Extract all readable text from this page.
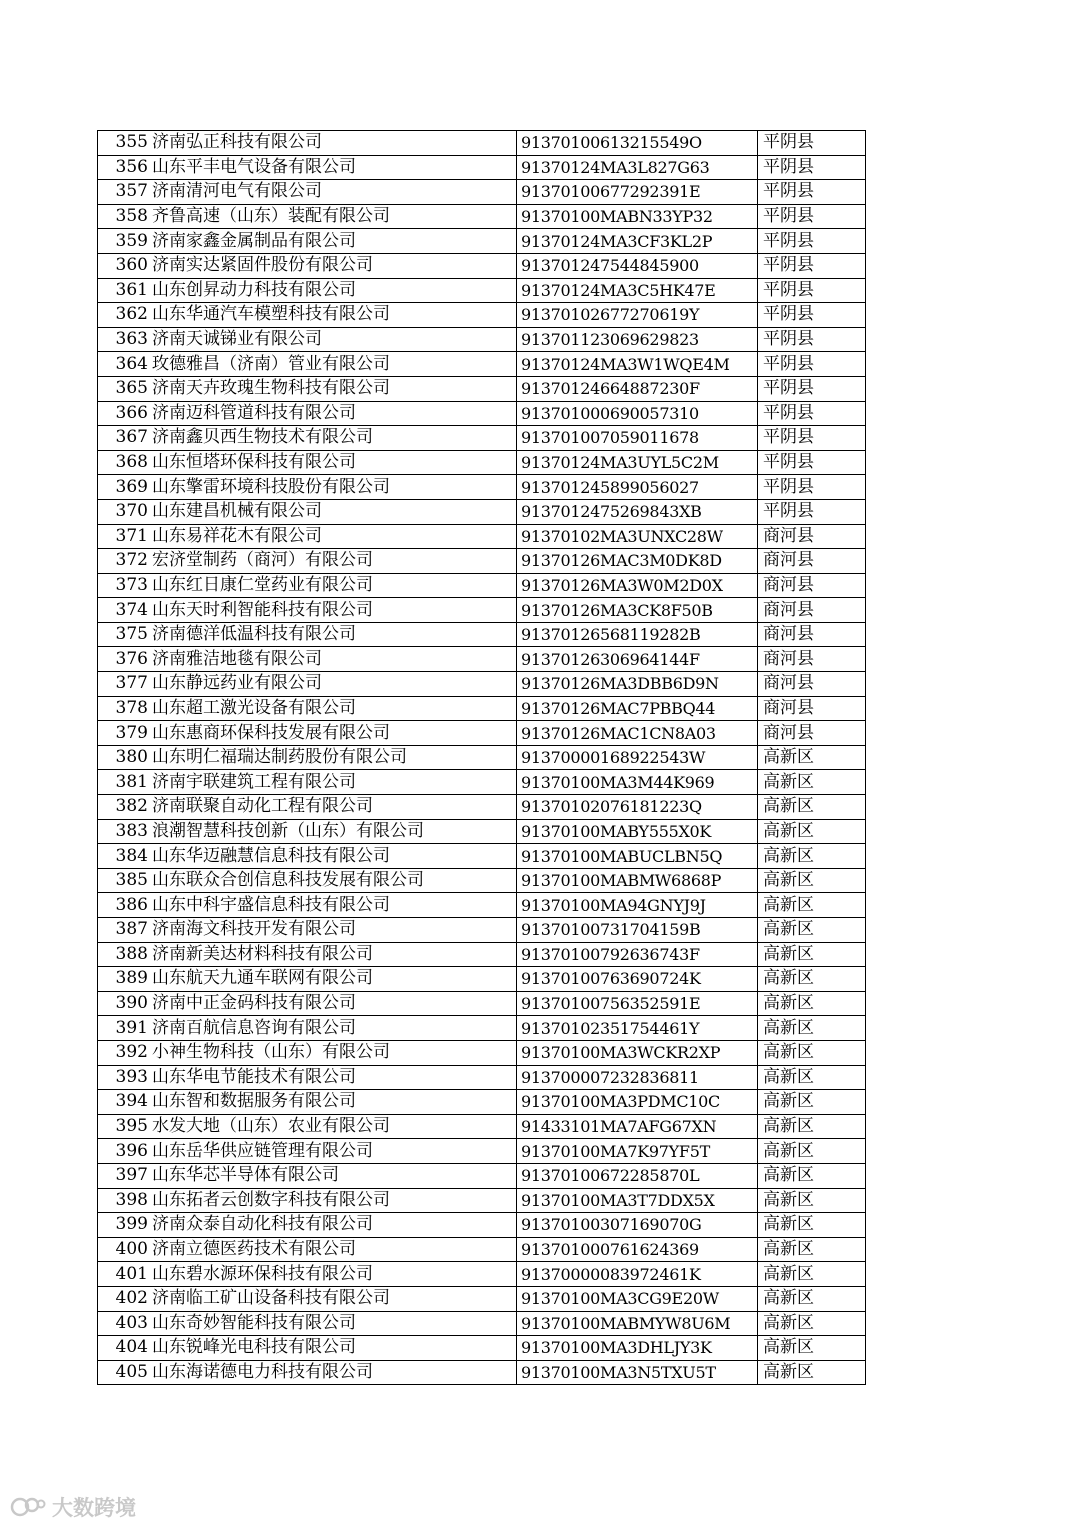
355	济南弘正科技有限公司	91370100613215549O	平阴县
356	山东平丰电气设备有限公司	91370124MA3L827G63	平阴县
357	济南清河电气有限公司	91370100677292391E	平阴县
358	齐鲁高速（山东）装配有限公司	91370100MABN33YP32	平阴县
359	济南家鑫金属制品有限公司	91370124MA3CF3KL2P	平阴县
360	济南实达紧固件股份有限公司	913701247544845900	平阴县
361	山东创昇动力科技有限公司	91370124MA3C5HK47E	平阴县
362	山东华通汽车模塑科技有限公司	91370102677270619Y	平阴县
363	济南天诚锑业有限公司	913701123069629823	平阴县
364	玫德雅昌（济南）管业有限公司	91370124MA3W1WQE4M	平阴县
365	济南天卉玫瑰生物科技有限公司	91370124664887230F	平阴县
366	济南迈科管道科技有限公司	913701000690057310	平阴县
367	济南鑫贝西生物技术有限公司	913701007059011678	平阴县
368	山东恒塔环保科技有限公司	91370124MA3UYL5C2M	平阴县
369	山东擎雷环境科技股份有限公司	913701245899056027	平阴县
370	山东建昌机械有限公司	9137012475269843XB	平阴县
371	山东易祥花木有限公司	91370102MA3UNXC28W	商河县
372	宏济堂制药（商河）有限公司	91370126MAC3M0DK8D	商河县
373	山东红日康仁堂药业有限公司	91370126MA3W0M2D0X	商河县
374	山东天时利智能科技有限公司	91370126MA3CK8F50B	商河县
375	济南德洋低温科技有限公司	91370126568119282B	商河县
376	济南雅洁地毯有限公司	91370126306964144F	商河县
377	山东静远药业有限公司	91370126MA3DBB6D9N	商河县
378	山东超工激光设备有限公司	91370126MAC7PBBQ44	商河县
379	山东惠商环保科技发展有限公司	91370126MAC1CN8A03	商河县
380	山东明仁福瑞达制药股份有限公司	91370000168922543W	高新区
381	济南宇联建筑工程有限公司	91370100MA3M44K969	高新区
382	济南联聚自动化工程有限公司	91370102076181223Q	高新区
383	浪潮智慧科技创新（山东）有限公司	91370100MABY555X0K	高新区
384	山东华迈融慧信息科技有限公司	91370100MABUCLBN5Q	高新区
385	山东联众合创信息科技发展有限公司	91370100MABMW6868P	高新区
386	山东中科宇盛信息科技有限公司	91370100MA94GNYJ9J	高新区
387	济南海文科技开发有限公司	91370100731704159B	高新区
388	济南新美达材料科技有限公司	91370100792636743F	高新区
389	山东航天九通车联网有限公司	91370100763690724K	高新区
390	济南中正金码科技有限公司	91370100756352591E	高新区
391	济南百航信息咨询有限公司	91370102351754461Y	高新区
392	小神生物科技（山东）有限公司	91370100MA3WCKR2XP	高新区
393	山东华电节能技术有限公司	913700007232836811	高新区
394	山东智和数据服务有限公司	91370100MA3PDMC10C	高新区
395	水发大地（山东）农业有限公司	91433101MA7AFG67XN	高新区
396	山东岳华供应链管理有限公司	91370100MA7K97YF5T	高新区
397	山东华芯半导体有限公司	91370100672285870L	高新区
398	山东拓者云创数字科技有限公司	91370100MA3T7DDX5X	高新区
399	济南众泰自动化科技有限公司	91370100307169070G	高新区
400	济南立德医药技术有限公司	913701000761624369	高新区
401	山东碧水源环保科技有限公司	91370000083972461K	高新区
402	济南临工矿山设备科技有限公司	91370100MA3CG9E20W	高新区
403	山东奇妙智能科技有限公司	91370100MABMYW8U6M	高新区
404	山东锐峰光电科技有限公司	91370100MA3DHLJY3K	高新区
405	山东海诺德电力科技有限公司	91370100MA3N5TXU5T	高新区
大数跨境
